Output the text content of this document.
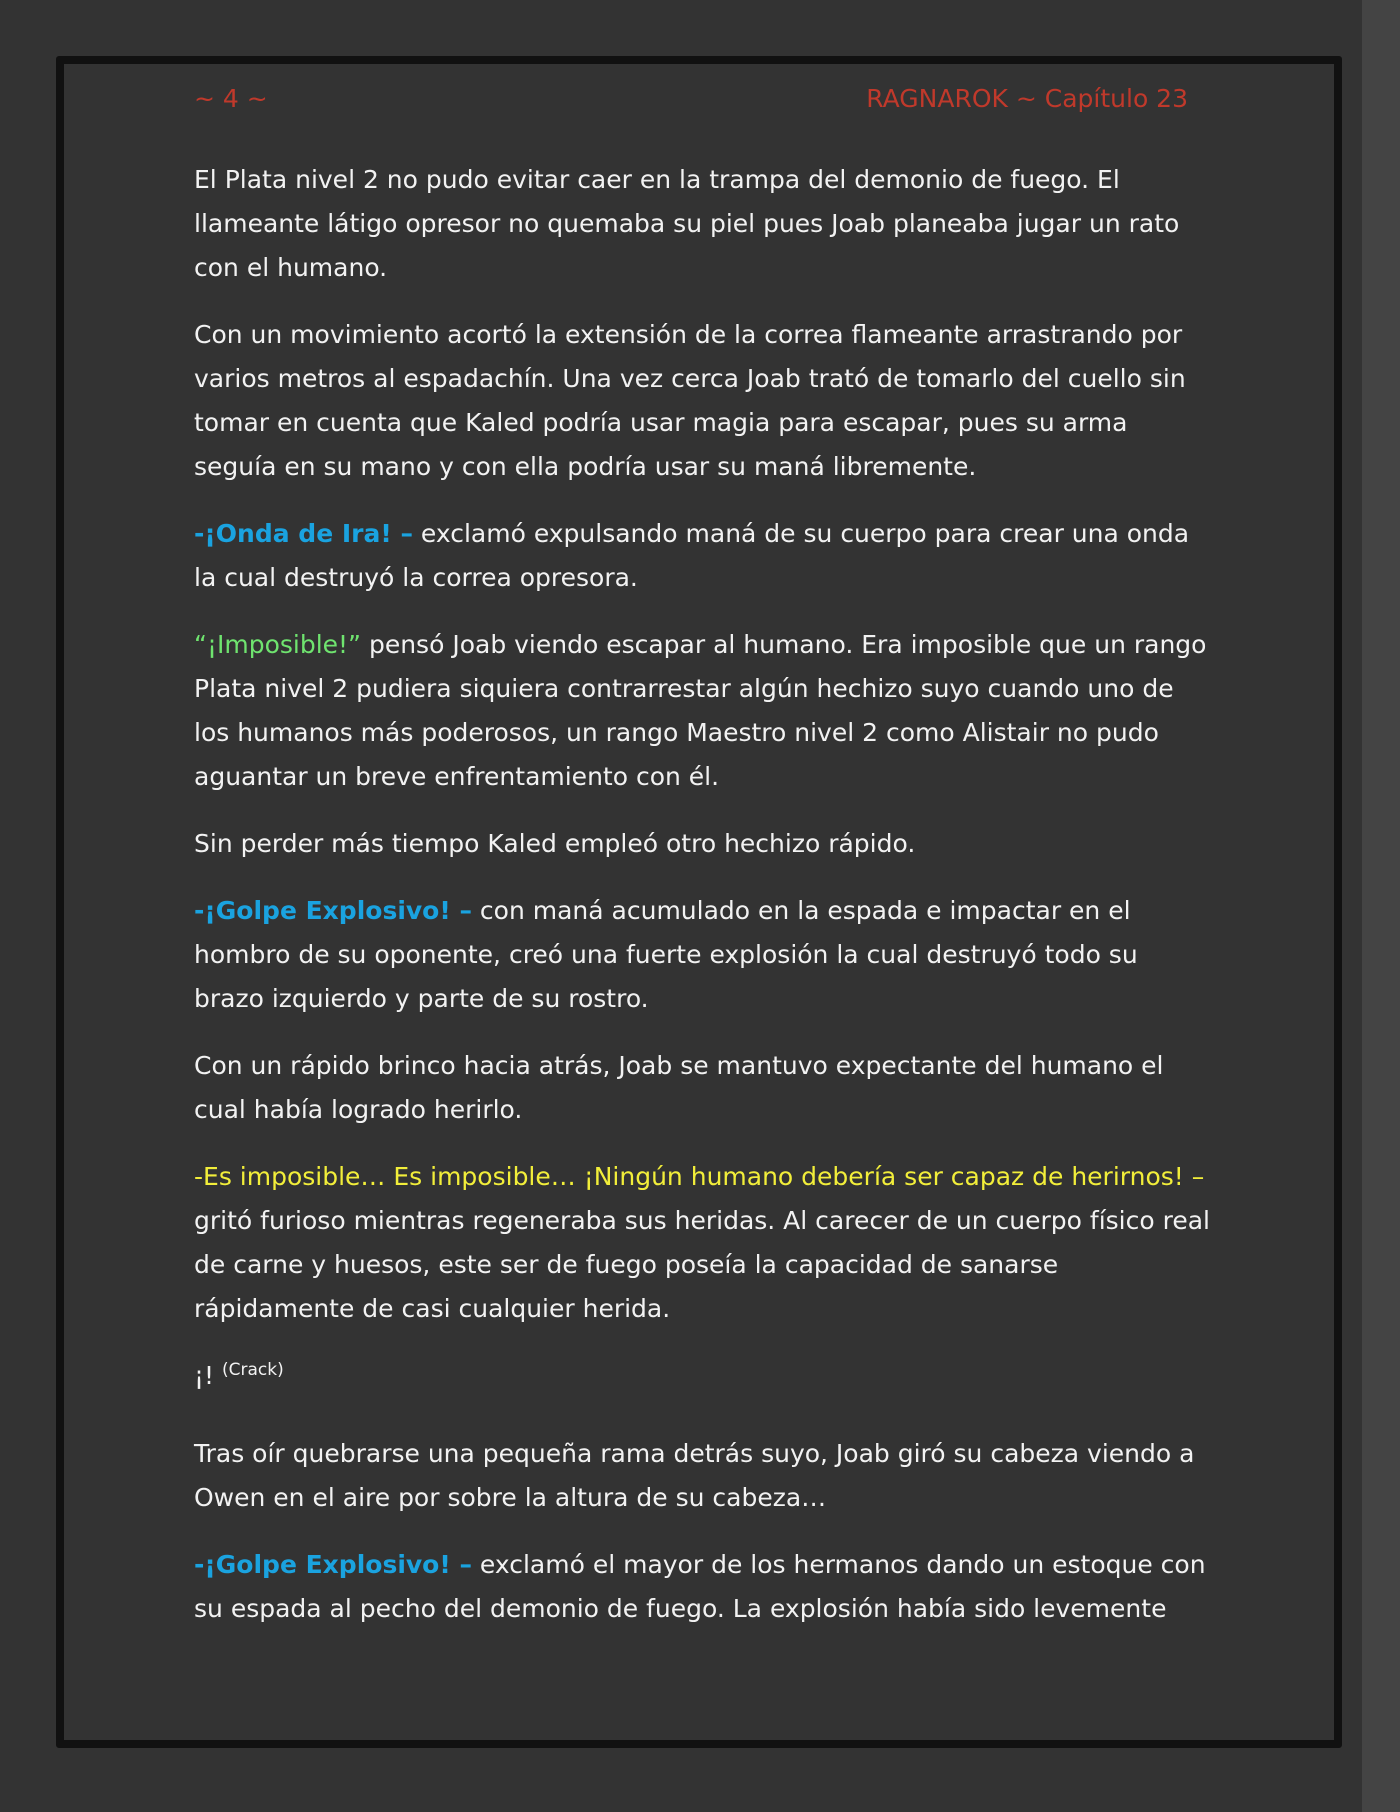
~ 4 ~	RAGNAROK ~ Capítulo 23

El Plata nivel 2 no pudo evitar caer en la trampa del demonio de fuego. El llameante látigo opresor no quemaba su piel pues Joab planeaba jugar un rato con el humano.

Con un movimiento acortó la extensión de la correa flameante arrastrando por varios metros al espadachín. Una vez cerca Joab trató de tomarlo del cuello sin tomar en cuenta que Kaled podría usar magia para escapar, pues su arma seguía en su mano y con ella podría usar su maná libremente.

-¡Onda de Ira! – exclamó expulsando maná de su cuerpo para crear una onda la cual destruyó la correa opresora.

“¡Imposible!” pensó Joab viendo escapar al humano. Era imposible que un rango Plata nivel 2 pudiera siquiera contrarrestar algún hechizo suyo cuando uno de los humanos más poderosos, un rango Maestro nivel 2 como Alistair no pudo aguantar un breve enfrentamiento con él.

Sin perder más tiempo Kaled empleó otro hechizo rápido.

-¡Golpe Explosivo! – con maná acumulado en la espada e impactar en el hombro de su oponente, creó una fuerte explosión la cual destruyó todo su brazo izquierdo y parte de su rostro.

Con un rápido brinco hacia atrás, Joab se mantuvo expectante del humano el cual había logrado herirlo.

-Es imposible… Es imposible… ¡Ningún humano debería ser capaz de herirnos! – gritó furioso mientras regeneraba sus heridas. Al carecer de un cuerpo físico real de carne y huesos, este ser de fuego poseía la capacidad de sanarse rápidamente de casi cualquier herida.

¡! $^{(Crack)}$

Tras oír quebrarse una pequeña rama detrás suyo, Joab giró su cabeza viendo a Owen en el aire por sobre la altura de su cabeza…

-¡Golpe Explosivo! – exclamó el mayor de los hermanos dando un estoque con su espada al pecho del demonio de fuego. La explosión había sido levemente
